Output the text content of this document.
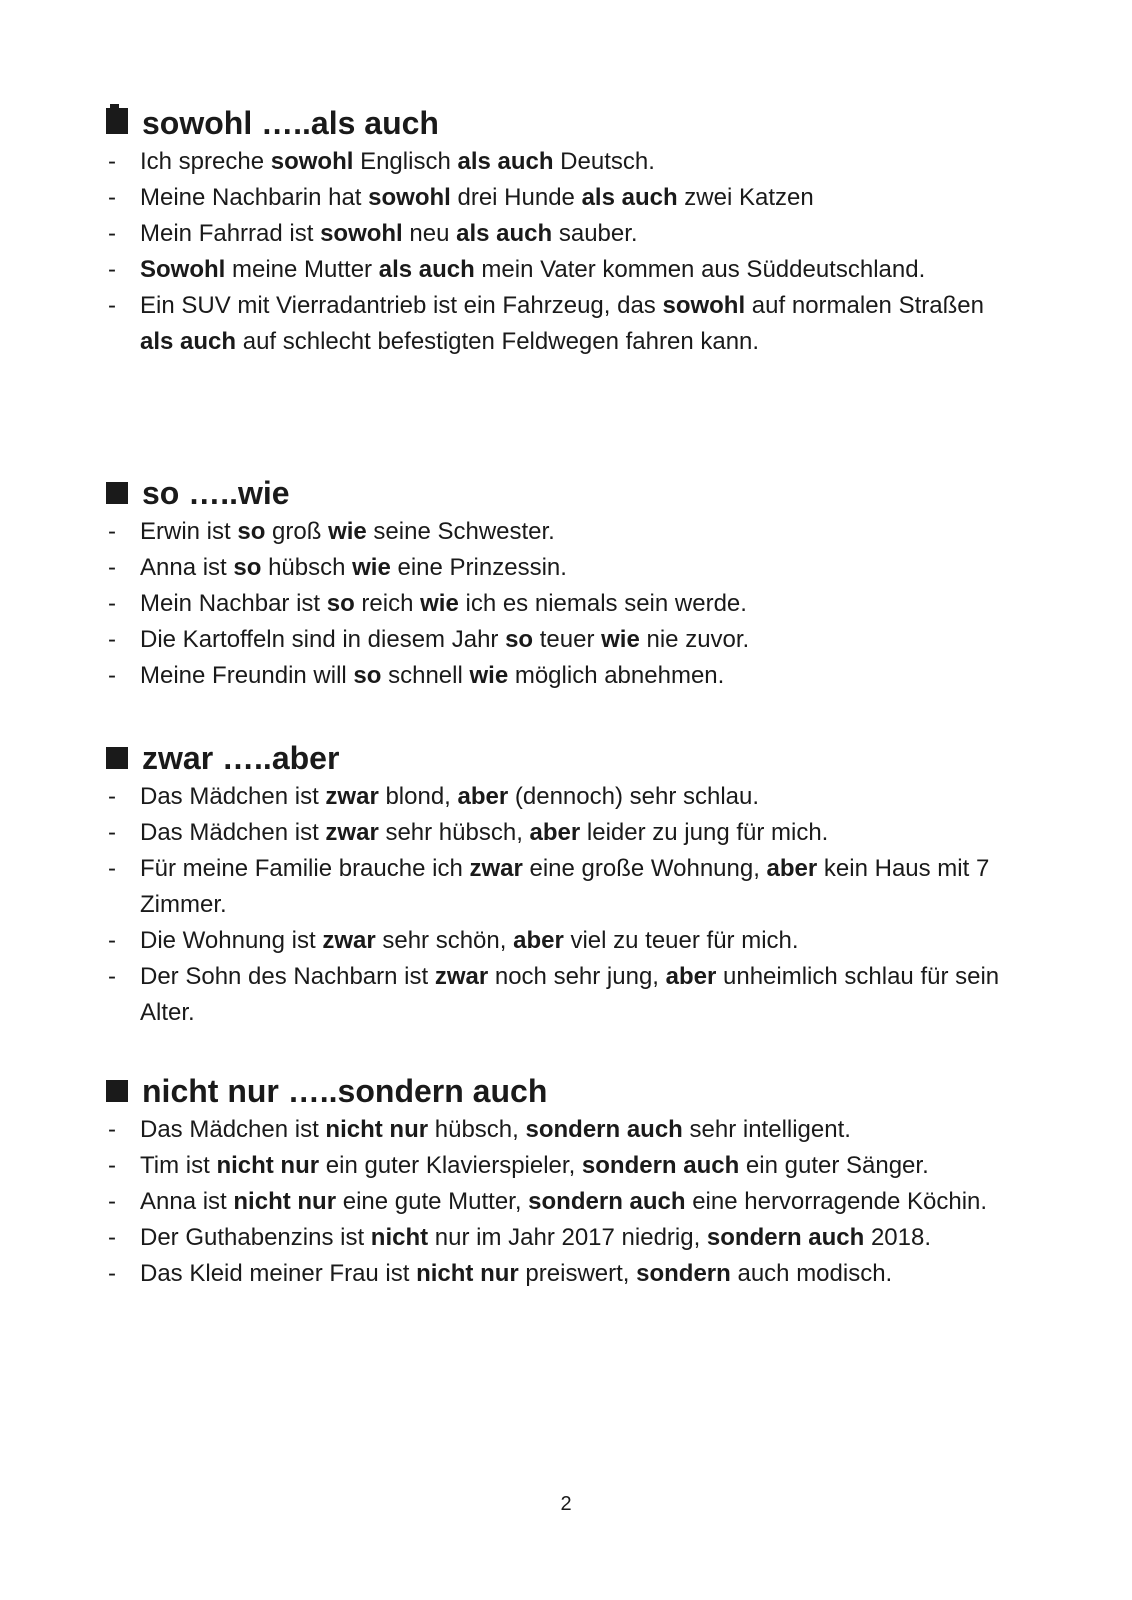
sowohl …..als auch
- Ich spreche sowohl Englisch als auch Deutsch.
- Meine Nachbarin hat sowohl drei Hunde als auch zwei Katzen
- Mein Fahrrad ist sowohl neu als auch sauber.
- Sowohl meine Mutter als auch mein Vater kommen aus Süddeutschland.
- Ein SUV mit Vierradantrieb ist ein Fahrzeug, das sowohl auf normalen Straßen als auch auf schlecht befestigten Feldwegen fahren kann.
so …..wie
- Erwin ist so groß wie seine Schwester.
- Anna ist so hübsch wie eine Prinzessin.
- Mein Nachbar ist so reich wie ich es niemals sein werde.
- Die Kartoffeln sind in diesem Jahr so teuer wie nie zuvor.
- Meine Freundin will so schnell wie möglich abnehmen.
zwar …..aber
- Das Mädchen ist zwar blond, aber (dennoch) sehr schlau.
- Das Mädchen ist zwar sehr hübsch, aber leider zu jung für mich.
- Für meine Familie brauche ich zwar eine große Wohnung, aber kein Haus mit 7 Zimmer.
- Die Wohnung ist zwar sehr schön, aber viel zu teuer für mich.
- Der Sohn des Nachbarn ist zwar noch sehr jung, aber unheimlich schlau für sein Alter.
nicht nur …..sondern auch
- Das Mädchen ist nicht nur hübsch, sondern auch sehr intelligent.
- Tim ist nicht nur ein guter Klavierspieler, sondern auch ein guter Sänger.
- Anna ist nicht nur eine gute Mutter, sondern auch eine hervorragende Köchin.
- Der Guthabenzins ist nicht nur im Jahr 2017 niedrig, sondern auch 2018.
- Das Kleid meiner Frau ist nicht nur preiswert, sondern auch modisch.
2
